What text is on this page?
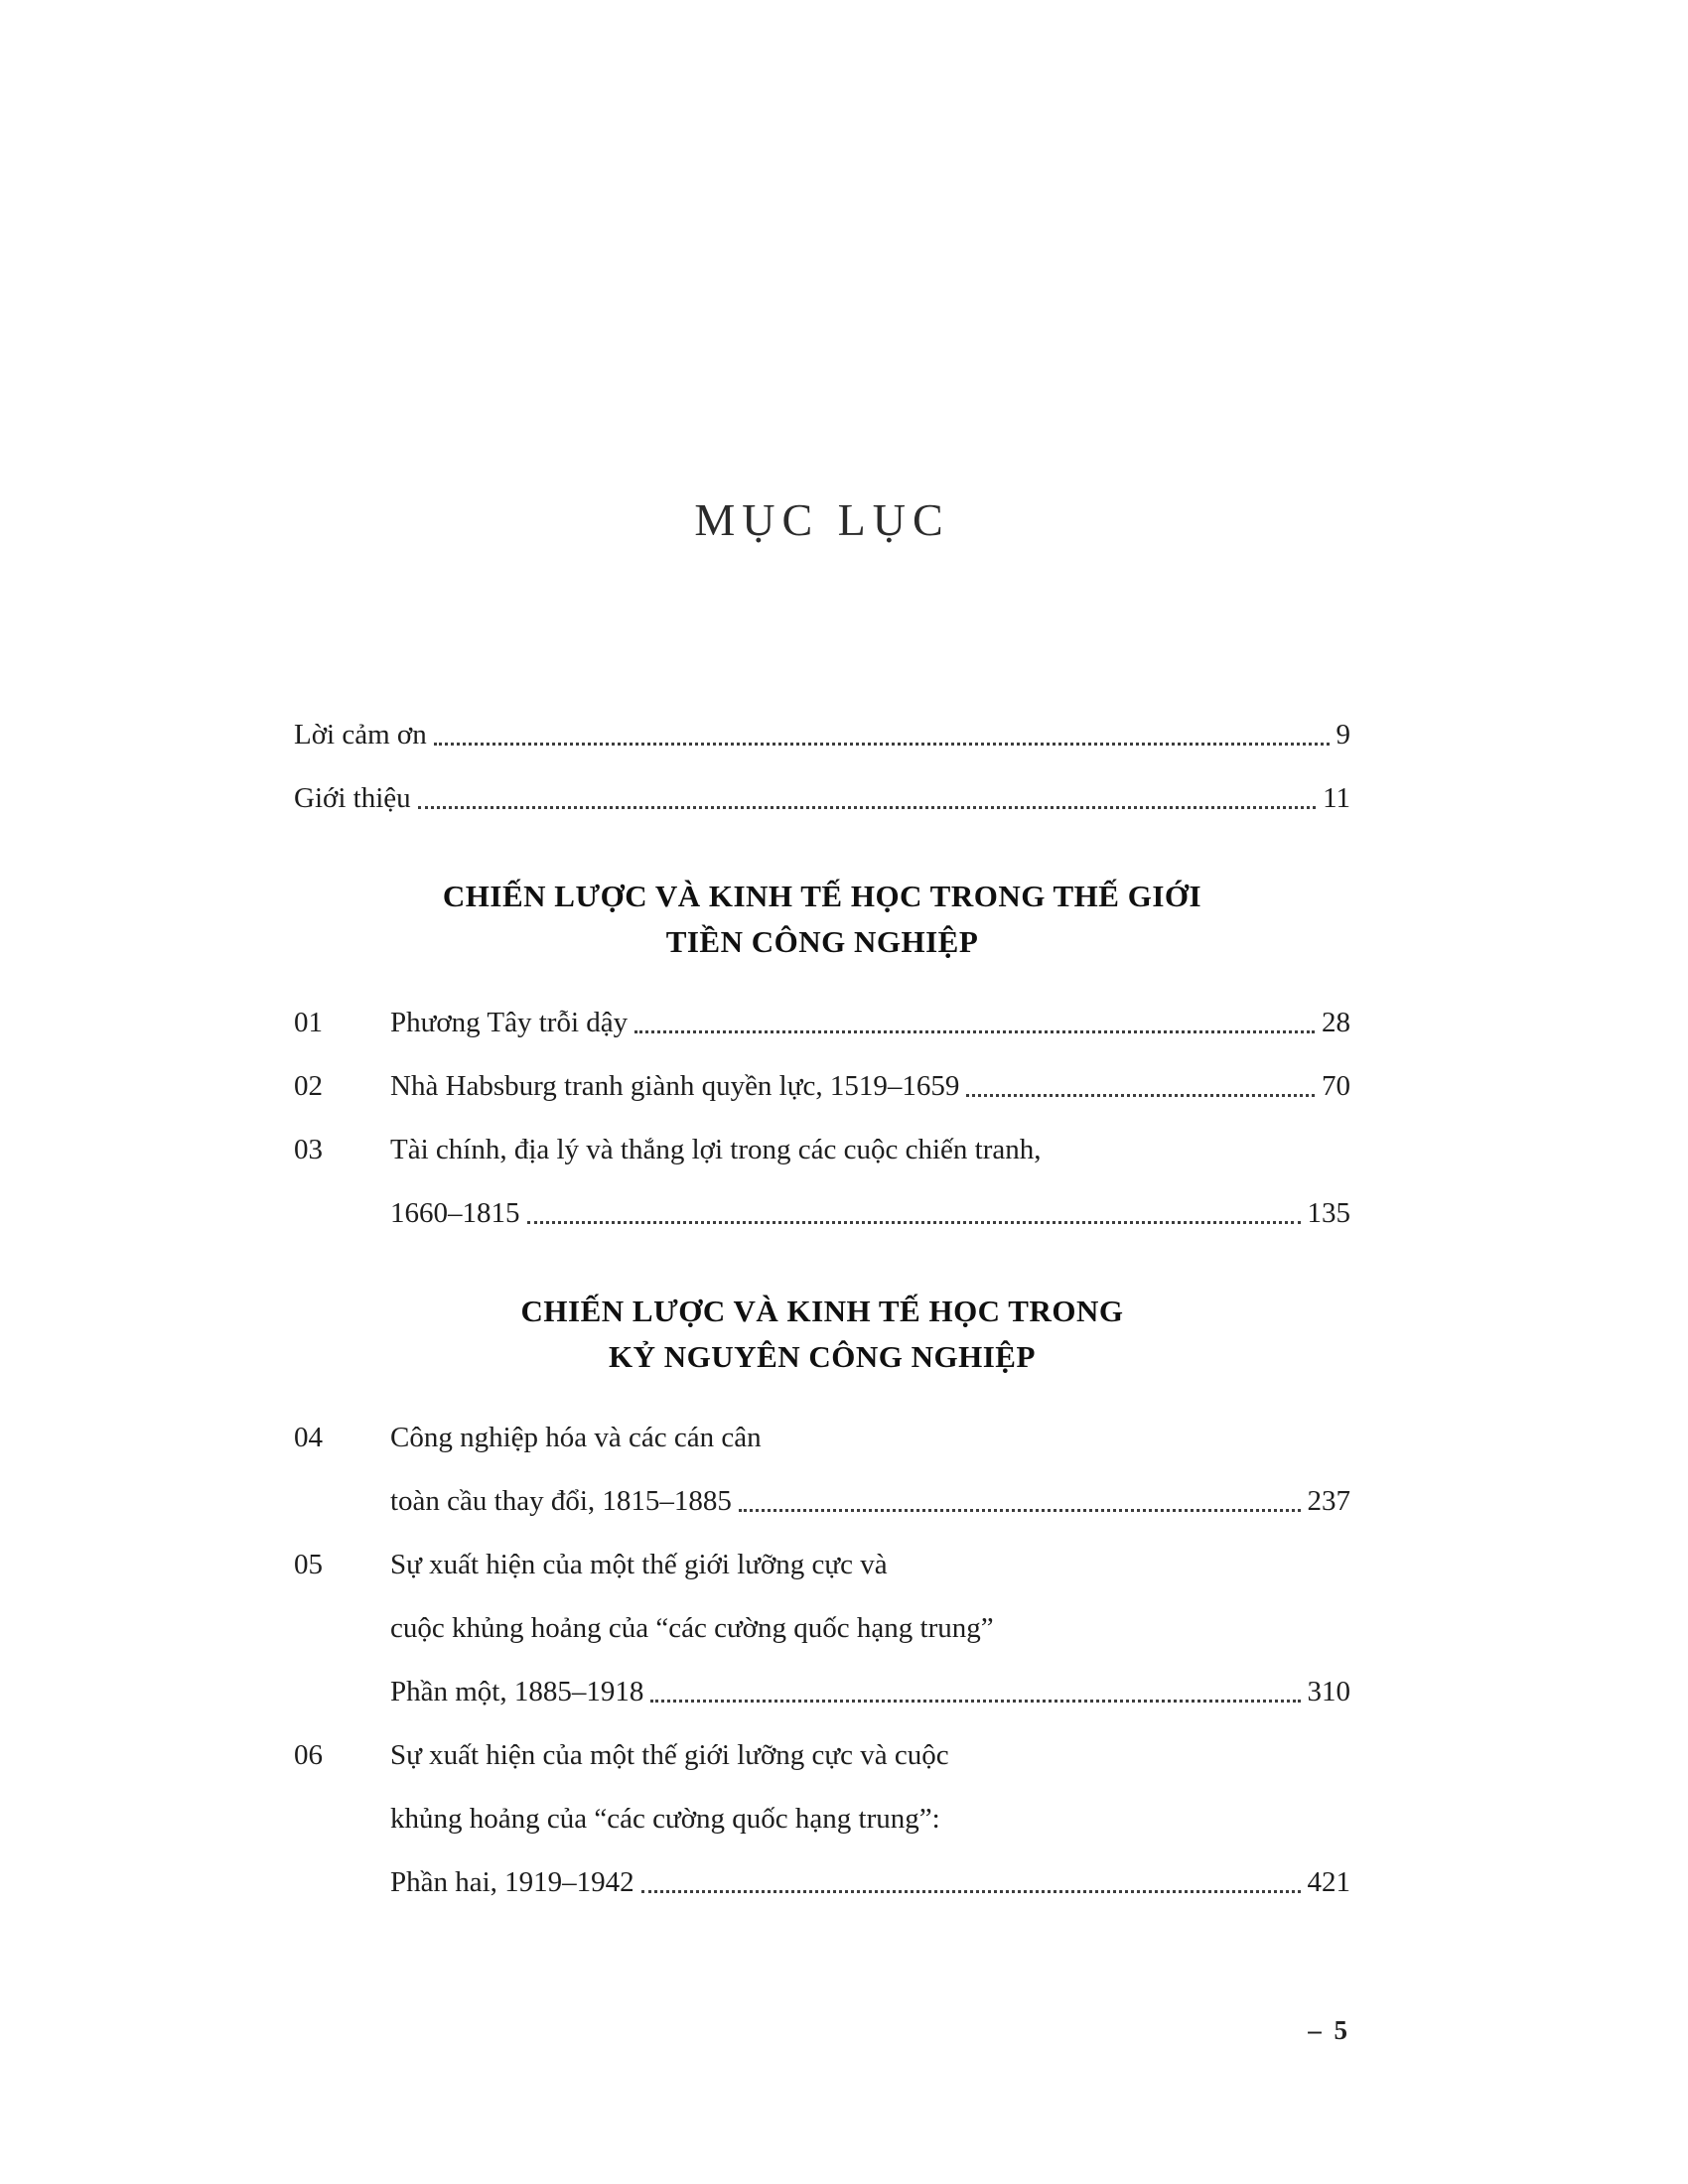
MỤC LỤC
Lời cảm ơn	9
Giới thiệu	11
CHIẾN LƯỢC VÀ KINH TẾ HỌC TRONG THẾ GIỚI
TIỀN CÔNG NGHIỆP
01	Phương Tây trỗi dậy	28
02	Nhà Habsburg tranh giành quyền lực, 1519–1659	70
03	Tài chính, địa lý và thắng lợi trong các cuộc chiến tranh,
1660–1815	135
CHIẾN LƯỢC VÀ KINH TẾ HỌC TRONG
KỶ NGUYÊN CÔNG NGHIỆP
04	Công nghiệp hóa và các cán cân
toàn cầu thay đổi, 1815–1885	237
05	Sự xuất hiện của một thế giới lưỡng cực và
cuộc khủng hoảng của “các cường quốc hạng trung”
Phần một, 1885–1918	310
06	Sự xuất hiện của một thế giới lưỡng cực và cuộc
khủng hoảng của “các cường quốc hạng trung”:
Phần hai, 1919–1942	421
– 5
